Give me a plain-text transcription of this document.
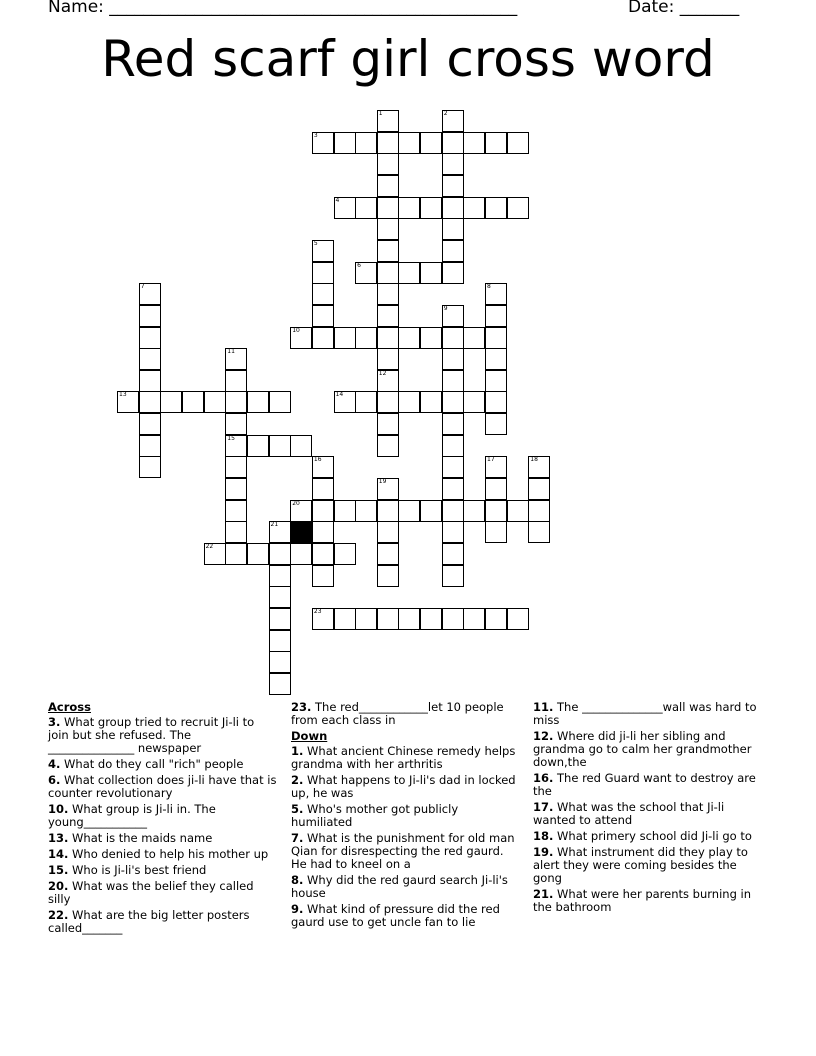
Name: ________________________________________________	Date: _______
Red scarf girl cross word
1
12
2
3
4
5
6
7	8
9
10
11
15
13	14
16	17	18
19
20
21
22
23
Across
3. What group tried to recruit Ji-li to join but she refused. The _______________ newspaper
4. What do they call "rich" people
6. What collection does ji-li have that is counter revolutionary
10. What group is Ji-li in. The young___________
13. What is the maids name
14. Who denied to help his mother up
15. Who is Ji-li's best friend
20. What was the belief they called silly
22. What are the big letter posters called_______
23. The red____________let 10 people from each class in
Down
1. What ancient Chinese remedy helps grandma with her arthritis
2. What happens to Ji-li's dad in locked up, he was
5. Who's mother got publicly humiliated
7. What is the punishment for old man Qian for disrespecting the red gaurd. He had to kneel on a
8. Why did the red gaurd search Ji-li's house
9. What kind of pressure did the red gaurd use to get uncle fan to lie
11. The ______________wall was hard to miss
12. Where did ji-li her sibling and grandma go to calm her grandmother down,the
16. The red Guard want to destroy are the
17. What was the school that Ji-li wanted to attend
18. What primery school did Ji-li go to
19. What instrument did they play to alert they were coming besides the gong
21. What were her parents burning in the bathroom
